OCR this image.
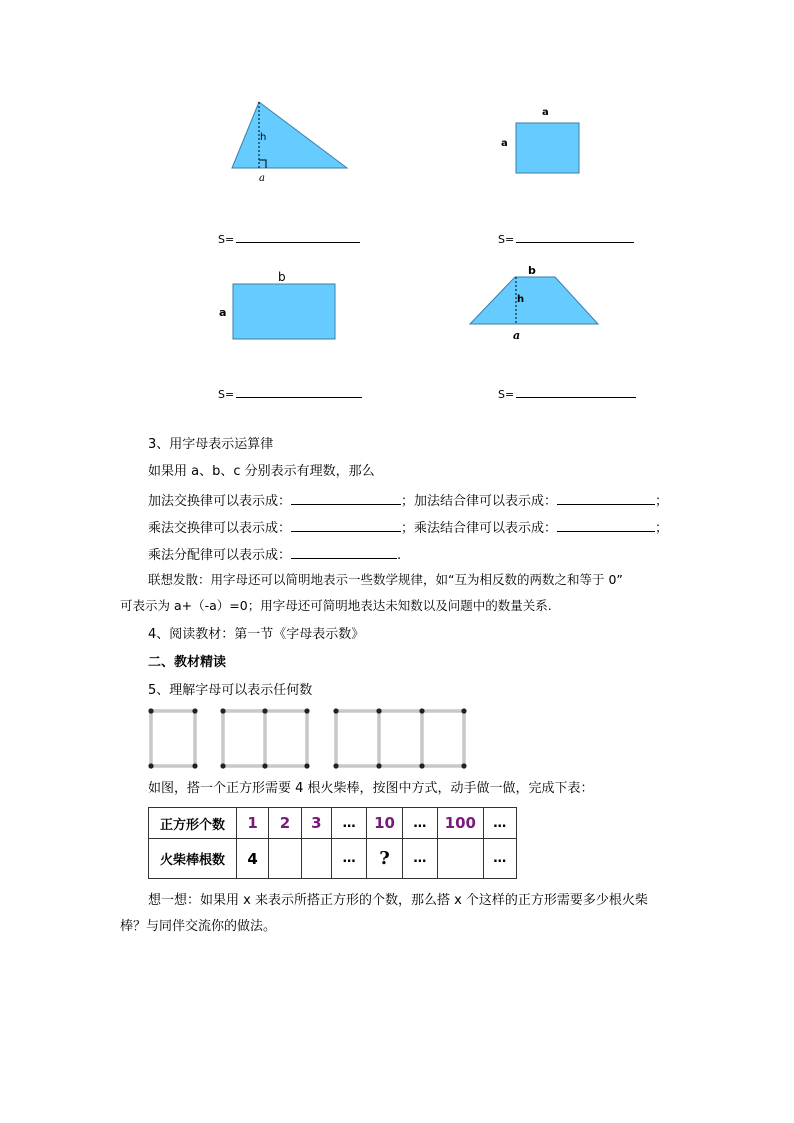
h
a
a
a
b
a
b
h
a
S=	S=
S=	S=
3、用字母表示运算律
如果用 a、b、c 分别表示有理数，那么
加法交换律可以表示成：	；加法结合律可以表示成：	；
乘法交换律可以表示成：	；乘法结合律可以表示成：	；
乘法分配律可以表示成：	.
联想发散：用字母还可以简明地表示一些数学规律，如“互为相反数的两数之和等于 0”
可表示为 a+（-a）=0；用字母还可简明地表达未知数以及问题中的数量关系.
4、阅读教材：第一节《字母表示数》
二、教材精读
5、理解字母可以表示任何数
如图，搭一个正方形需要 4 根火柴棒，按图中方式，动手做一做，完成下表：
正方形个数	1	2	3	…	10	…	100	…
火柴棒根数	4			…	?	…		…
想一想：如果用 x 来表示所搭正方形的个数，那么搭 x 个这样的正方形需要多少根火柴
棒？与同伴交流你的做法。
